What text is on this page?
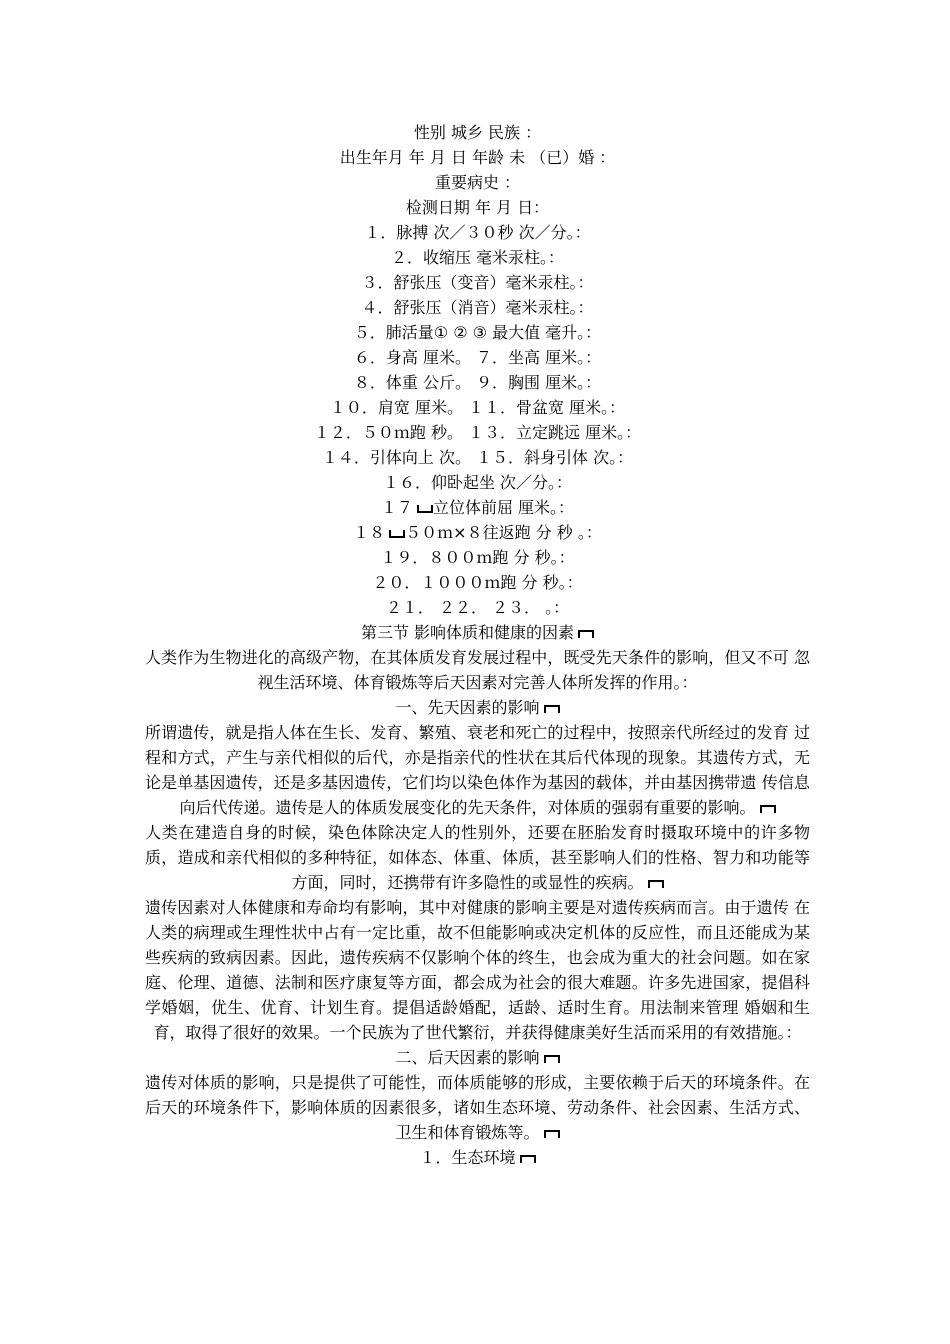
性别 城乡 民族 ：
出生年月 年 月 日 年龄 未 （已）婚 ：
重要病史 ：
检测日期 年 月 日：
１．脉搏 次／３０秒 次／分。：
２．收缩压 毫米汞柱。：
３．舒张压（变音）毫米汞柱。：
４．舒张压（消音）毫米汞柱。：
５．肺活量① ② ③ 最大值 毫升。：
６．身高 厘米。 ７．坐高 厘米。：
８．体重 公斤。 ９．胸围 厘米。：
１０．肩宽 厘米。 １１．骨盆宽 厘米。：
１２．５０ｍ跑 秒。 １３．立定跳远 厘米。：
１４．引体向上 次。 １５．斜身引体 次。：
１６．仰卧起坐 次／分。：
１７ 立位体前屈 厘米。：
１８ ５０ｍ×８往返跑 分 秒 。：
１９．８００ｍ跑 分 秒。：
２０．１０００ｍ跑 分 秒。：
２１． ２２． ２３． 。：
第三节 影响体质和健康的因素
人类作为生物进化的高级产物，在其体质发育发展过程中，既受先天条件的影响，但又不可 忽视生活环境、体育锻炼等后天因素对完善人体所发挥的作用。：
一、先天因素的影响
所谓遗传，就是指人体在生长、发育、繁殖、衰老和死亡的过程中，按照亲代所经过的发育 过程和方式，产生与亲代相似的后代，亦是指亲代的性状在其后代体现的现象。其遗传方式，无论是单基因遗传，还是多基因遗传，它们均以染色体作为基因的载体，并由基因携带遗 传信息向后代传递。遗传是人的体质发展变化的先天条件，对体质的强弱有重要的影响。
人类在建造自身的时候，染色体除决定人的性别外，还要在胚胎发育时摄取环境中的许多物 质，造成和亲代相似的多种特征，如体态、体重、体质，甚至影响人们的性格、智力和功能等方面，同时，还携带有许多隐性的或显性的疾病。
遗传因素对人体健康和寿命均有影响，其中对健康的影响主要是对遗传疾病而言。由于遗传 在人类的病理或生理性状中占有一定比重，故不但能影响或决定机体的反应性，而且还能成为某些疾病的致病因素。因此，遗传疾病不仅影响个体的终生，也会成为重大的社会问题。如在家庭、伦理、道德、法制和医疗康复等方面，都会成为社会的很大难题。许多先进国家，提倡科学婚姻，优生、优育、计划生育。提倡适龄婚配，适龄、适时生育。用法制来管理 婚姻和生育，取得了很好的效果。一个民族为了世代繁衍，并获得健康美好生活而采用的有效措施。：
二、后天因素的影响
遗传对体质的影响，只是提供了可能性，而体质能够的形成，主要依赖于后天的环境条件。在后天的环境条件下，影响体质的因素很多，诸如生态环境、劳动条件、社会因素、生活方式、卫生和体育锻炼等。
１．生态环境
